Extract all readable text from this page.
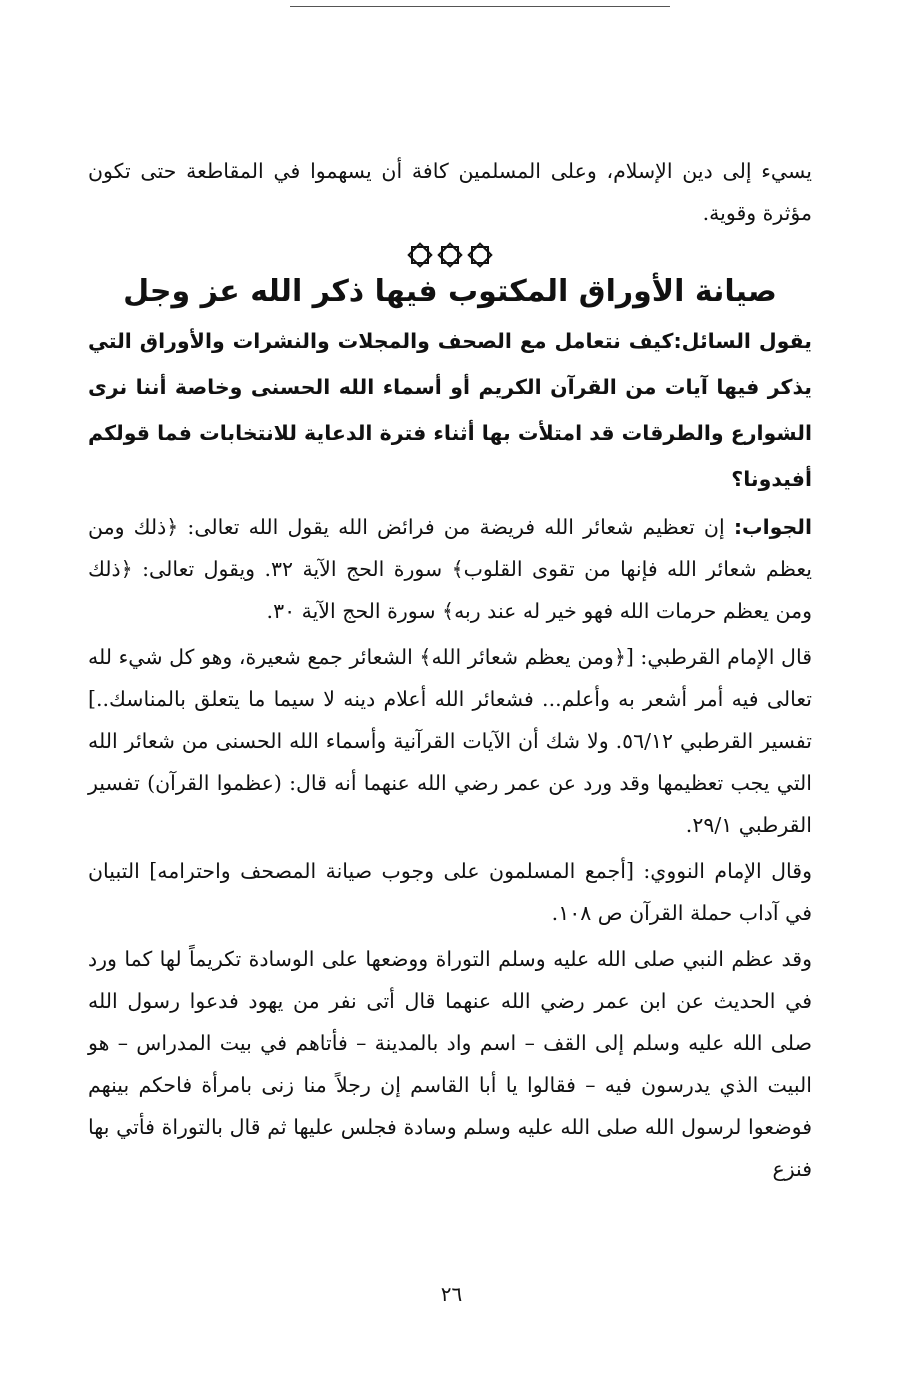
يسيء إلى دين الإسلام، وعلى المسلمين كافة أن يسهموا في المقاطعة حتى تكون مؤثرة وقوية.

صيانة الأوراق المكتوب فيها ذكر الله عز وجل

يقول السائل:كيف نتعامل مع الصحف والمجلات والنشرات والأوراق التي يذكر فيها آيات من القرآن الكريم أو أسماء الله الحسنى وخاصة أننا نرى الشوارع والطرقات قد امتلأت بها أثناء فترة الدعاية للانتخابات فما قولكم أفيدونا؟

الجواب: إن تعظيم شعائر الله فريضة من فرائض الله يقول الله تعالى: ﴿ذلك ومن يعظم شعائر الله فإنها من تقوى القلوب﴾ سورة الحج الآية ٣٢. ويقول تعالى: ﴿ذلك ومن يعظم حرمات الله فهو خير له عند ربه﴾ سورة الحج الآية ٣٠.

قال الإمام القرطبي: [﴿ومن يعظم شعائر الله﴾ الشعائر جمع شعيرة، وهو كل شيء لله تعالى فيه أمر أشعر به وأعلم... فشعائر الله أعلام دينه لا سيما ما يتعلق بالمناسك..] تفسير القرطبي ٥٦/١٢. ولا شك أن الآيات القرآنية وأسماء الله الحسنى من شعائر الله التي يجب تعظيمها وقد ورد عن عمر رضي الله عنهما أنه قال: (عظموا القرآن) تفسير القرطبي ٢٩/١.

وقال الإمام النووي: [أجمع المسلمون على وجوب صيانة المصحف واحترامه] التبيان في آداب حملة القرآن ص ١٠٨.

وقد عظم النبي صلى الله عليه وسلم التوراة ووضعها على الوسادة تكريماً لها كما ورد في الحديث عن ابن عمر رضي الله عنهما قال أتى نفر من يهود فدعوا رسول الله صلى الله عليه وسلم إلى القف – اسم واد بالمدينة – فأتاهم في بيت المدراس – هو البيت الذي يدرسون فيه – فقالوا يا أبا القاسم إن رجلاً منا زنى بامرأة فاحكم بينهم فوضعوا لرسول الله صلى الله عليه وسلم وسادة فجلس عليها ثم قال بالتوراة فأتي بها فنزع

٢٦
